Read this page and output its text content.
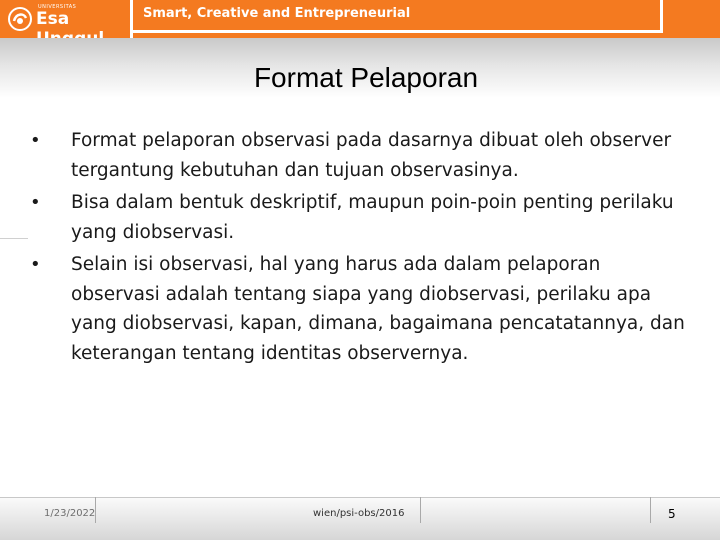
UNIVERSITAS
Esa	Smart, Creative and Entrepreneurial
Format Pelaporan
• Format pelaporan observasi pada dasarnya dibuat oleh observer tergantung kebutuhan dan tujuan observasinya.
• Bisa dalam bentuk deskriptif, maupun poin-poin penting perilaku yang diobservasi.
• Selain isi observasi, hal yang harus ada dalam pelaporan observasi adalah tentang siapa yang diobservasi, perilaku apa yang diobservasi, kapan, dimana, bagaimana pencatatannya, dan keterangan tentang identitas observernya.
1/23/2022	wien/psi-obs/2016	5
